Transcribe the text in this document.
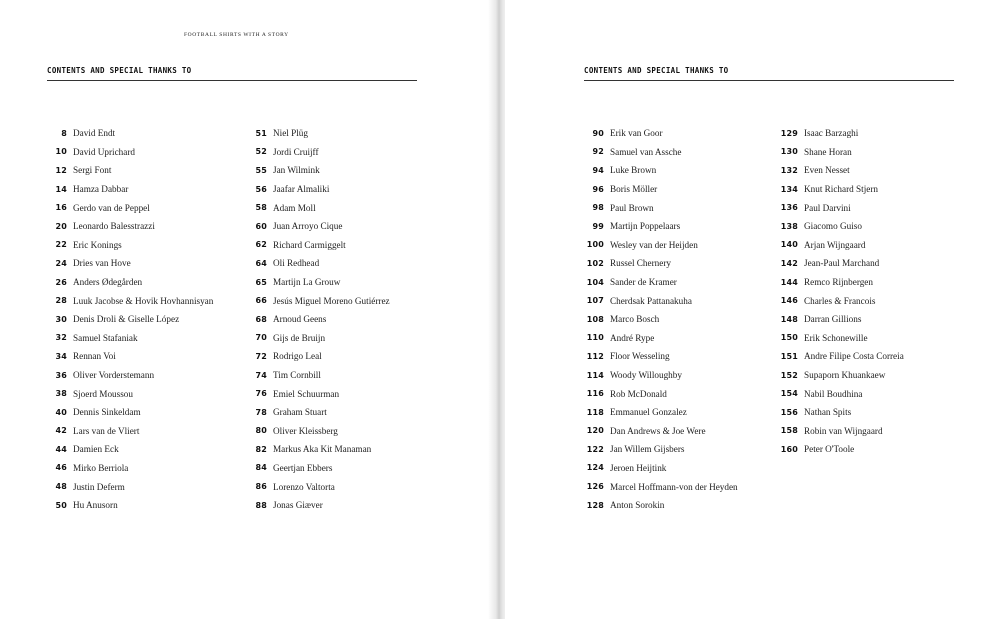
FOOTBALL SHIRTS WITH A STORY
CONTENTS AND SPECIAL THANKS TO
8 David Endt
10 David Uprichard
12 Sergi Font
14 Hamza Dabbar
16 Gerdo van de Peppel
20 Leonardo Balesstrazzi
22 Eric Konings
24 Dries van Hove
26 Anders Ødegården
28 Luuk Jacobse & Hovik Hovhannisyan
30 Denis Droli & Giselle López
32 Samuel Stafaniak
34 Rennan Voi
36 Oliver Vorderstemann
38 Sjoerd Moussou
40 Dennis Sinkeldam
42 Lars van de Vliert
44 Damien Eck
46 Mirko Berriola
48 Justin Deferm
50 Hu Anusorn
51 Niel Plüg
52 Jordi Cruijff
55 Jan Wilmink
56 Jaafar Almaliki
58 Adam Moll
60 Juan Arroyo Cique
62 Richard Carmiggelt
64 Oli Redhead
65 Martijn La Grouw
66 Jesús Miguel Moreno Gutiérrez
68 Arnoud Geens
70 Gijs de Bruijn
72 Rodrigo Leal
74 Tim Cornbill
76 Emiel Schuurman
78 Graham Stuart
80 Oliver Kleissberg
82 Markus Aka Kit Manaman
84 Geertjan Ebbers
86 Lorenzo Valtorta
88 Jonas Giæver
CONTENTS AND SPECIAL THANKS TO
90 Erik van Goor
92 Samuel van Assche
94 Luke Brown
96 Boris Möller
98 Paul Brown
99 Martijn Poppelaars
100 Wesley van der Heijden
102 Russel Chernery
104 Sander de Kramer
107 Cherdsak Pattanakuha
108 Marco Bosch
110 André Rype
112 Floor Wesseling
114 Woody Willoughby
116 Rob McDonald
118 Emmanuel Gonzalez
120 Dan Andrews & Joe Were
122 Jan Willem Gijsbers
124 Jeroen Heijtink
126 Marcel Hoffmann-von der Heyden
128 Anton Sorokin
129 Isaac Barzaghi
130 Shane Horan
132 Even Nesset
134 Knut Richard Stjern
136 Paul Darvini
138 Giacomo Guiso
140 Arjan Wijngaard
142 Jean-Paul Marchand
144 Remco Rijnbergen
146 Charles & Francois
148 Darran Gillions
150 Erik Schonewille
151 Andre Filipe Costa Correia
152 Supaporn Khuankaew
154 Nabil Boudhina
156 Nathan Spits
158 Robin van Wijngaard
160 Peter O'Toole
